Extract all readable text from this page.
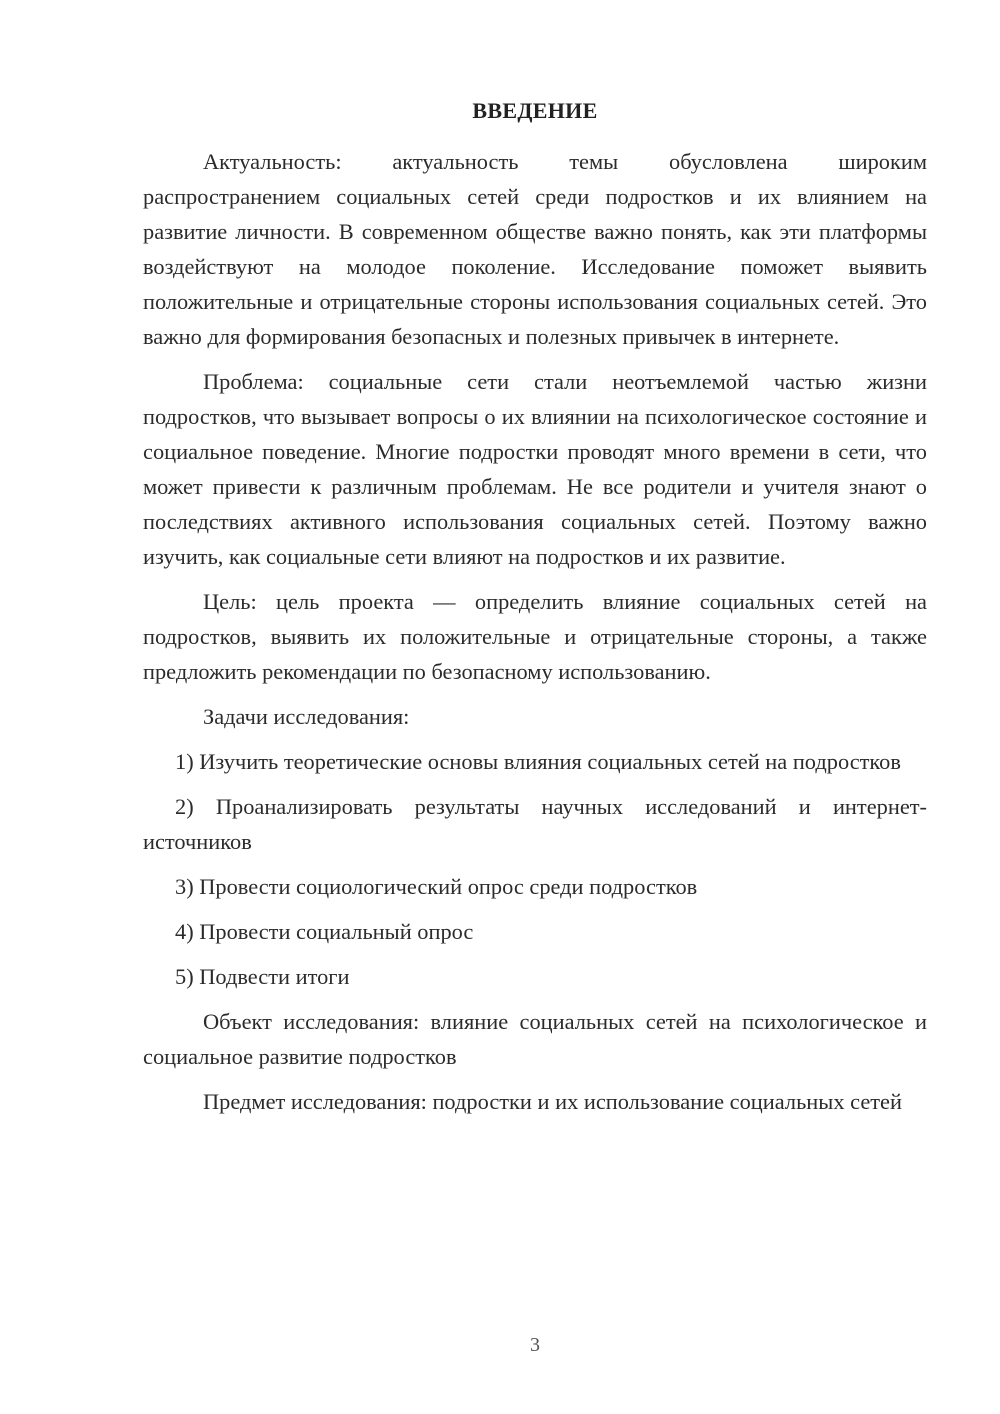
ВВЕДЕНИЕ

Актуальность: актуальность темы обусловлена широким распространением социальных сетей среди подростков и их влиянием на развитие личности. В современном обществе важно понять, как эти платформы воздействуют на молодое поколение. Исследование поможет выявить положительные и отрицательные стороны использования социальных сетей. Это важно для формирования безопасных и полезных привычек в интернете.

Проблема: социальные сети стали неотъемлемой частью жизни подростков, что вызывает вопросы о их влиянии на психологическое состояние и социальное поведение. Многие подростки проводят много времени в сети, что может привести к различным проблемам. Не все родители и учителя знают о последствиях активного использования социальных сетей. Поэтому важно изучить, как социальные сети влияют на подростков и их развитие.

Цель: цель проекта — определить влияние социальных сетей на подростков, выявить их положительные и отрицательные стороны, а также предложить рекомендации по безопасному использованию.

Задачи исследования:

1) Изучить теоретические основы влияния социальных сетей на подростков

2) Проанализировать результаты научных исследований и интернет-источников

3) Провести социологический опрос среди подростков

4) Провести социальный опрос

5) Подвести итоги

Объект исследования: влияние социальных сетей на психологическое и социальное развитие подростков

Предмет исследования: подростки и их использование социальных сетей

3
